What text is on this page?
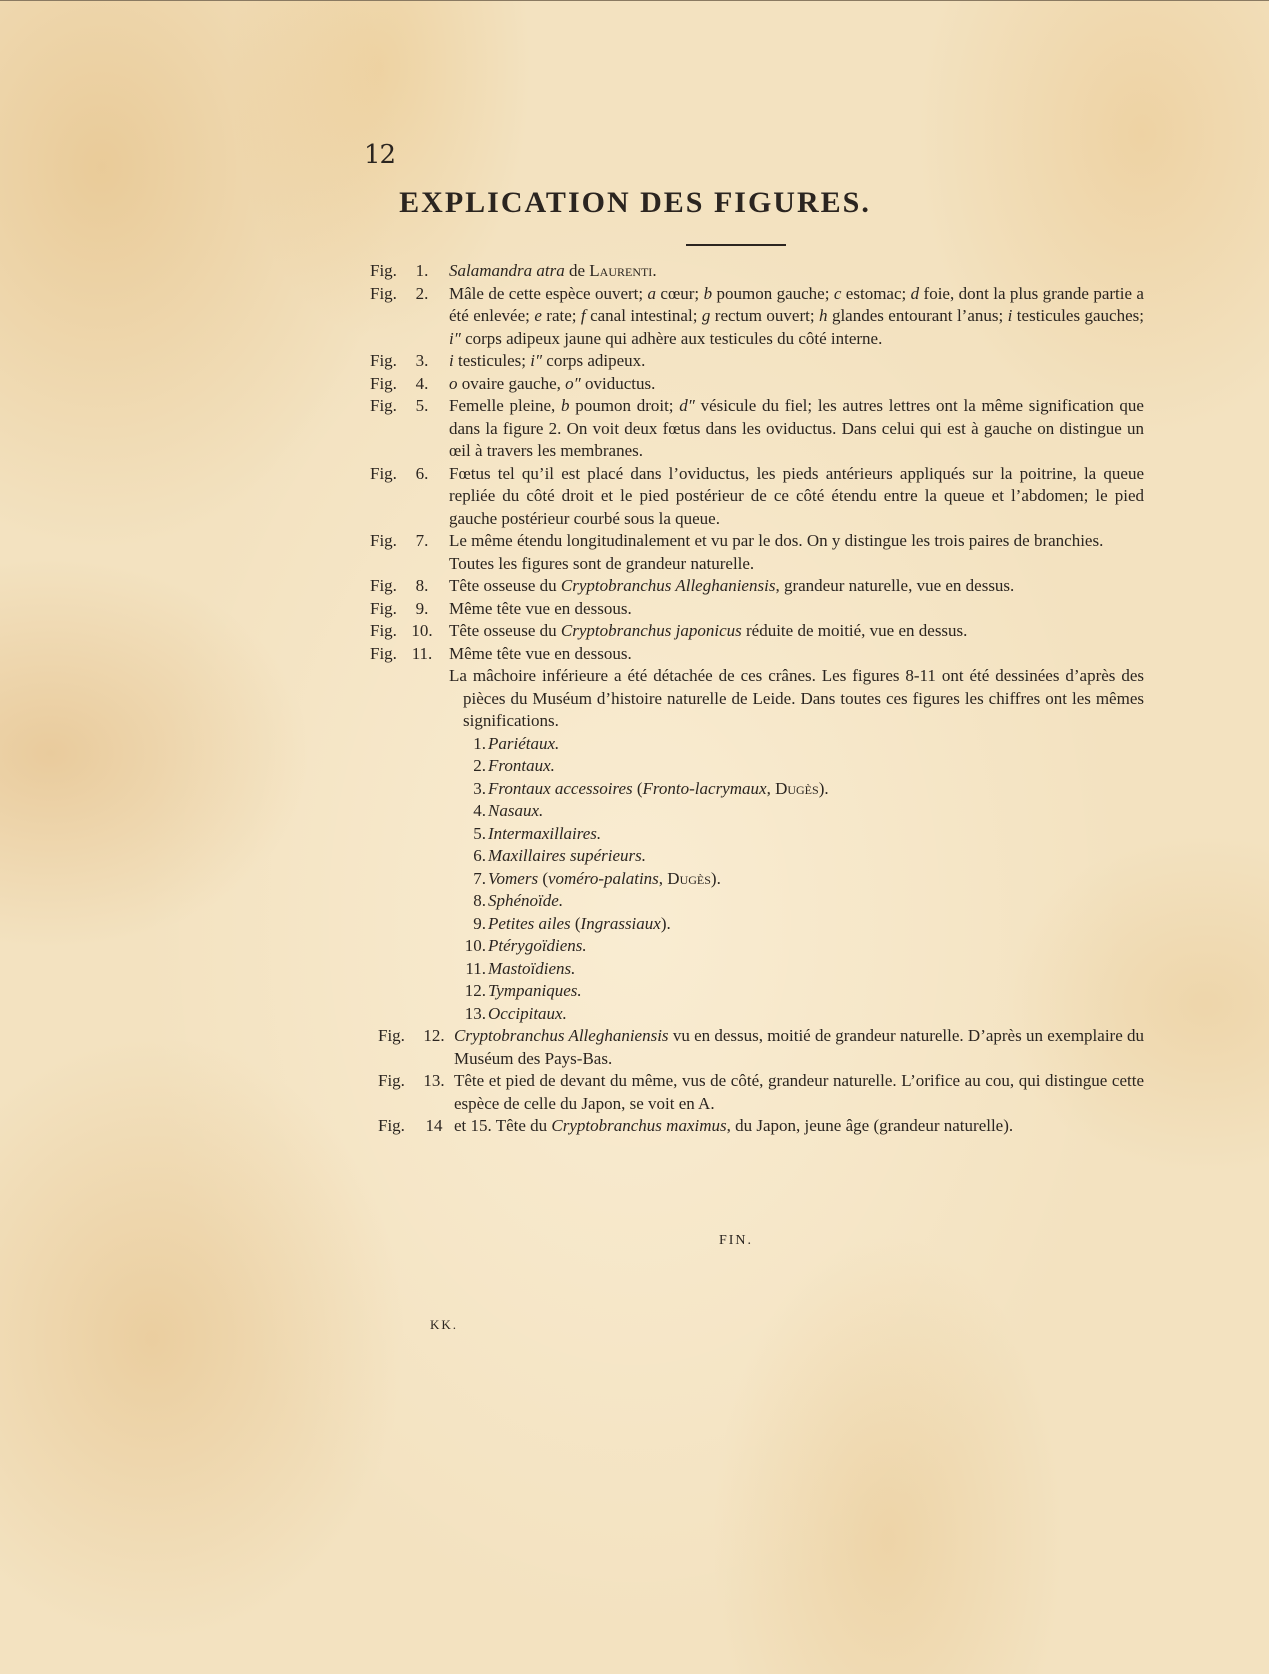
12
EXPLICATION DES FIGURES.
Fig.	1.	Salamandra atra de Laurenti.
Fig.	2.	Mâle de cette espèce ouvert; a cœur; b poumon gauche; c estomac; d foie, dont la plus grande partie a été enlevée; e rate; f canal intestinal; g rectum ouvert; h glandes entourant l’anus; i testicules gauches; i″ corps adipeux jaune qui adhère aux testicules du côté interne.
Fig.	3.	i testicules; i″ corps adipeux.
Fig.	4.	o ovaire gauche, o″ oviductus.
Fig.	5.	Femelle pleine, b poumon droit; d″ vésicule du fiel; les autres lettres ont la même signification que dans la figure 2. On voit deux fœtus dans les oviductus. Dans celui qui est à gauche on distingue un œil à travers les membranes.
Fig.	6.	Fœtus tel qu’il est placé dans l’oviductus, les pieds antérieurs appliqués sur la poitrine, la queue repliée du côté droit et le pied postérieur de ce côté étendu entre la queue et l’abdomen; le pied gauche postérieur courbé sous la queue.
Fig.	7.	Le même étendu longitudinalement et vu par le dos. On y distingue les trois paires de branchies.
Toutes les figures sont de grandeur naturelle.
Fig.	8.	Tête osseuse du Cryptobranchus Alleghaniensis, grandeur naturelle, vue en dessus.
Fig.	9.	Même tête vue en dessous.
Fig. 10. Tête osseuse du Cryptobranchus japonicus réduite de moitié, vue en dessus.
Fig. 11. Même tête vue en dessous.
La mâchoire inférieure a été détachée de ces crânes. Les figures 8-11 ont été dessinées d’après des pièces du Muséum d’histoire naturelle de Leide. Dans toutes ces figures les chiffres ont les mêmes significations.
1. Pariétaux.
2. Frontaux.
3. Frontaux accessoires (Fronto-lacrymaux, Dugès).
4. Nasaux.
5. Intermaxillaires.
6. Maxillaires supérieurs.
7. Vomers (voméro-palatins, Dugès).
8. Sphénoïde.
9. Petites ailes (Ingrassiaux).
10. Ptérygoïdiens.
11. Mastoïdiens.
12. Tympaniques.
13. Occipitaux.
Fig.	12. Cryptobranchus Alleghaniensis vu en dessus, moitié de grandeur naturelle. D’après un exemplaire du Muséum des Pays-Bas.
Fig.	13. Tête et pied de devant du même, vus de côté, grandeur naturelle. L’orifice au cou, qui distingue cette espèce de celle du Japon, se voit en A.
Fig.	14 et 15. Tête du Cryptobranchus maximus, du Japon, jeune âge (grandeur naturelle).
FIN.
KK.
